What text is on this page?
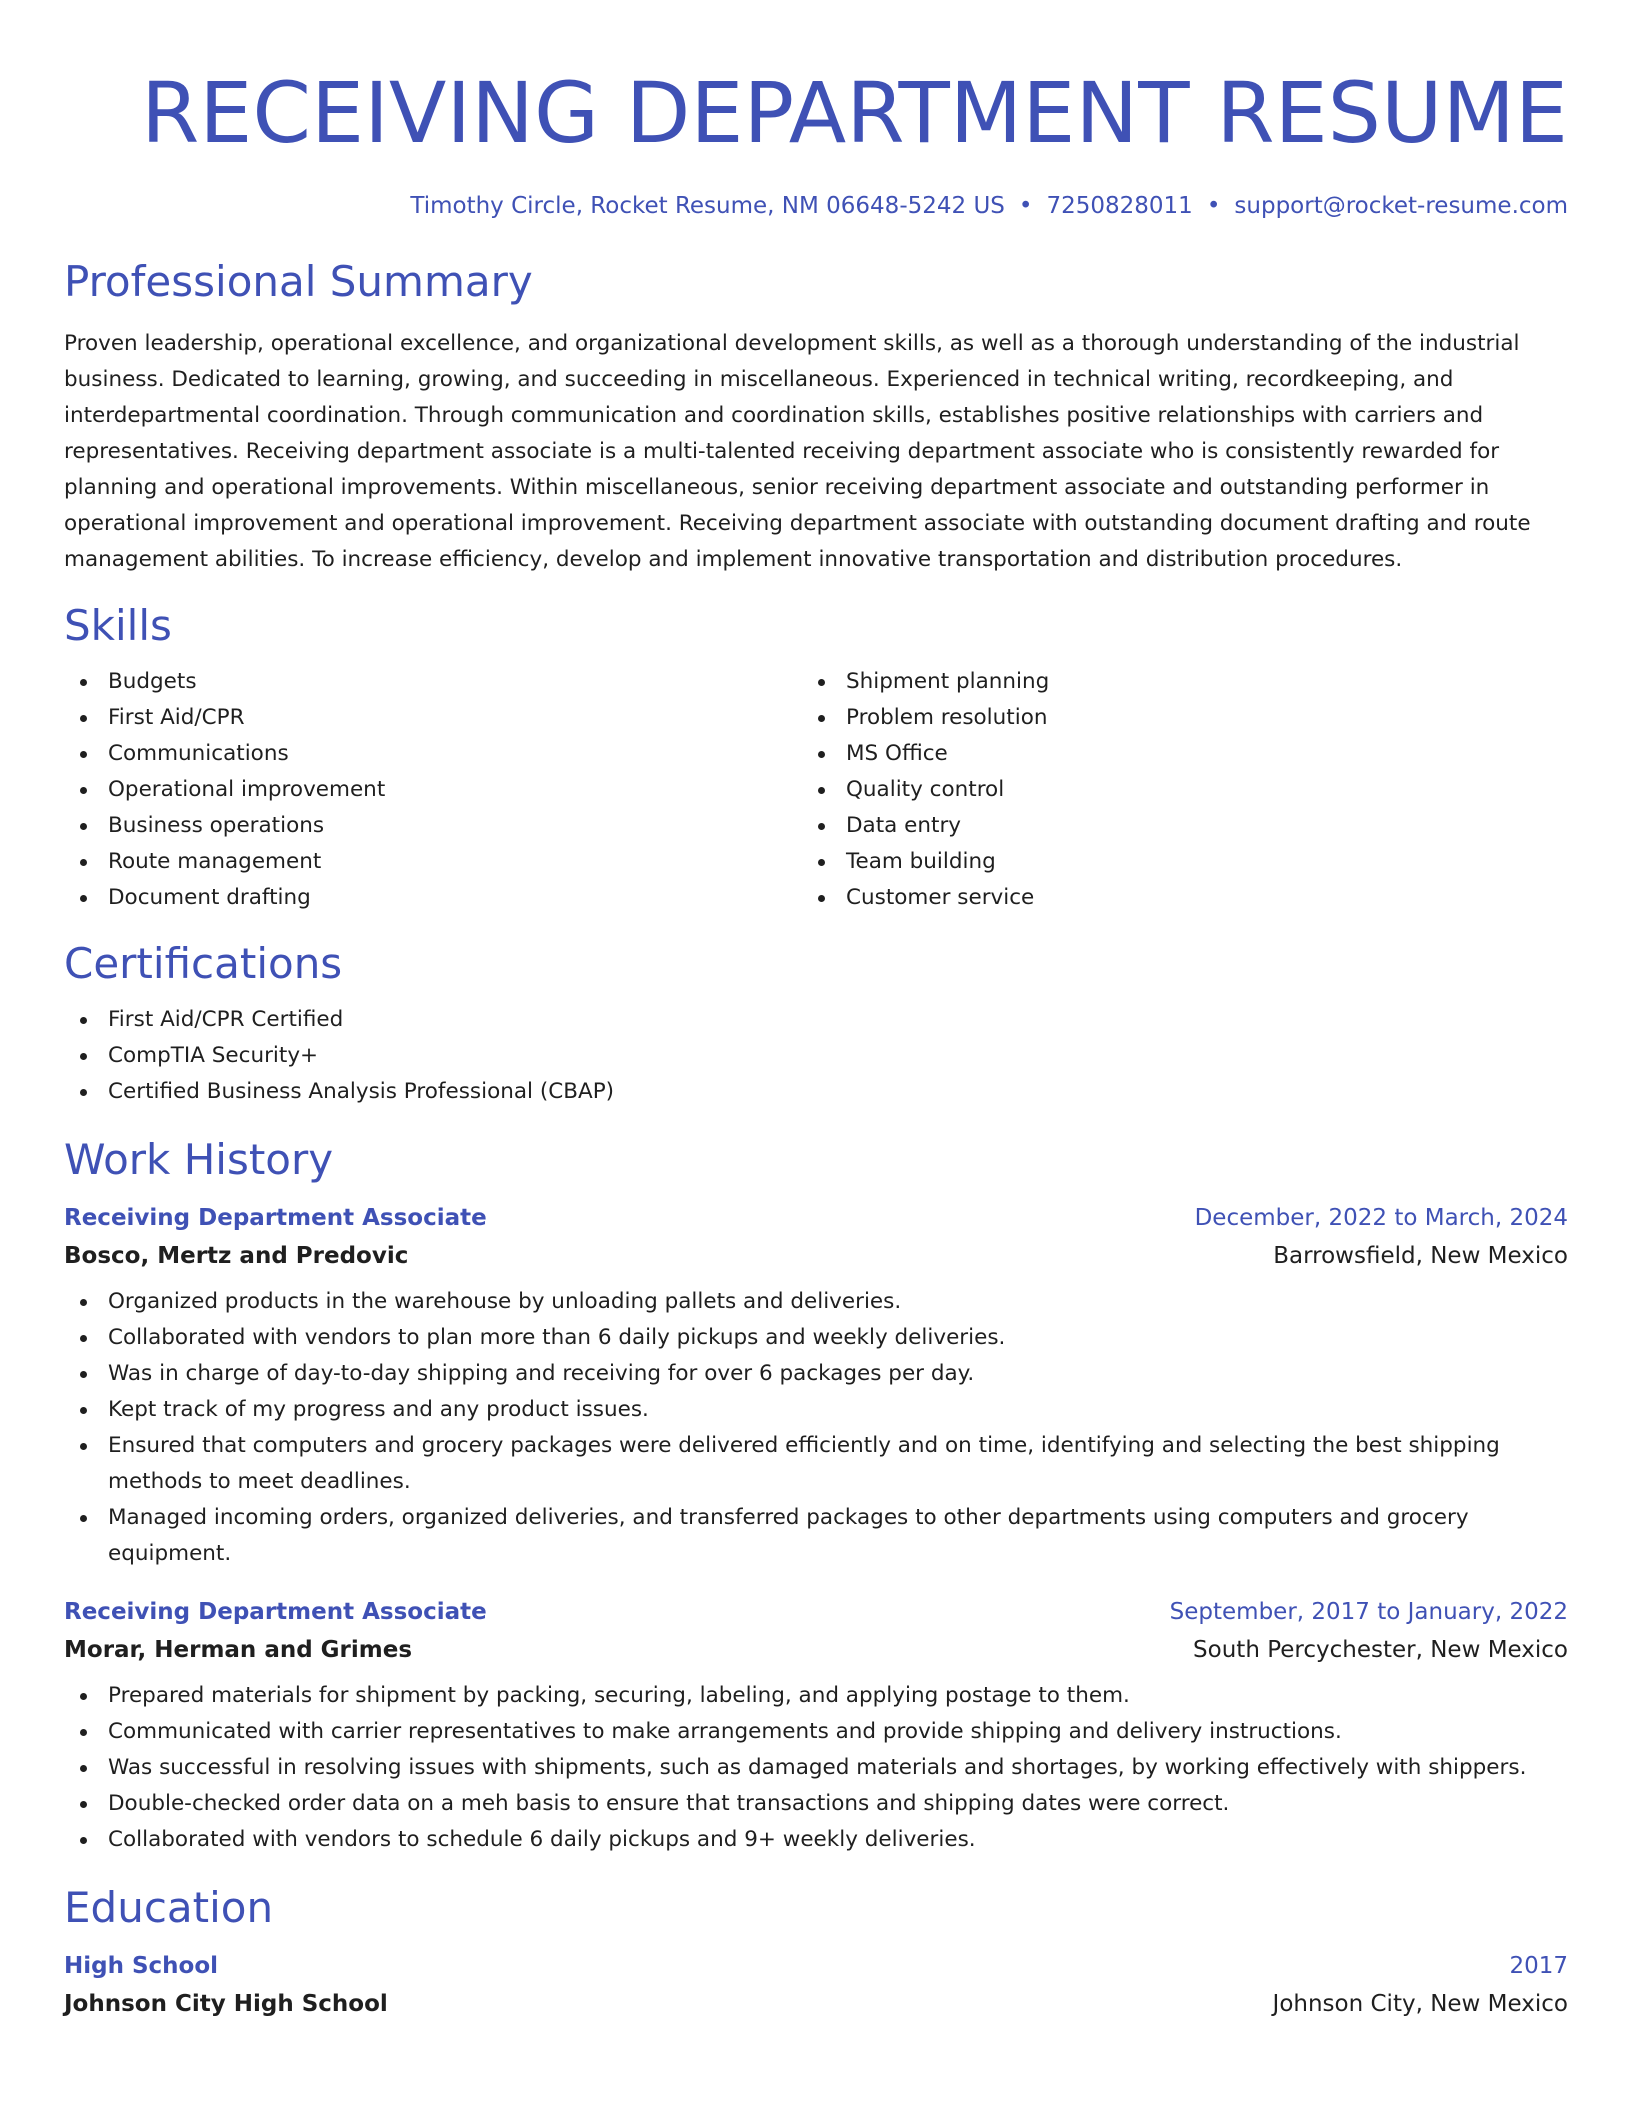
RECEIVING DEPARTMENT RESUME
Timothy Circle, Rocket Resume, NM 06648-5242 US • 7250828011 • support@rocket-resume.com
Professional Summary
Proven leadership, operational excellence, and organizational development skills, as well as a thorough understanding of the industrial business. Dedicated to learning, growing, and succeeding in miscellaneous. Experienced in technical writing, recordkeeping, and interdepartmental coordination. Through communication and coordination skills, establishes positive relationships with carriers and representatives. Receiving department associate is a multi-talented receiving department associate who is consistently rewarded for planning and operational improvements. Within miscellaneous, senior receiving department associate and outstanding performer in operational improvement and operational improvement. Receiving department associate with outstanding document drafting and route management abilities. To increase efficiency, develop and implement innovative transportation and distribution procedures.
Skills
Budgets
First Aid/CPR
Communications
Operational improvement
Business operations
Route management
Document drafting
Shipment planning
Problem resolution
MS Office
Quality control
Data entry
Team building
Customer service
Certifications
First Aid/CPR Certified
CompTIA Security+
Certified Business Analysis Professional (CBAP)
Work History
Receiving Department Associate	December, 2022 to March, 2024
Bosco, Mertz and Predovic	Barrowsfield, New Mexico
Organized products in the warehouse by unloading pallets and deliveries.
Collaborated with vendors to plan more than 6 daily pickups and weekly deliveries.
Was in charge of day-to-day shipping and receiving for over 6 packages per day.
Kept track of my progress and any product issues.
Ensured that computers and grocery packages were delivered efficiently and on time, identifying and selecting the best shipping methods to meet deadlines.
Managed incoming orders, organized deliveries, and transferred packages to other departments using computers and grocery equipment.
Receiving Department Associate	September, 2017 to January, 2022
Morar, Herman and Grimes	South Percychester, New Mexico
Prepared materials for shipment by packing, securing, labeling, and applying postage to them.
Communicated with carrier representatives to make arrangements and provide shipping and delivery instructions.
Was successful in resolving issues with shipments, such as damaged materials and shortages, by working effectively with shippers.
Double-checked order data on a meh basis to ensure that transactions and shipping dates were correct.
Collaborated with vendors to schedule 6 daily pickups and 9+ weekly deliveries.
Education
High School	2017
Johnson City High School	Johnson City, New Mexico
